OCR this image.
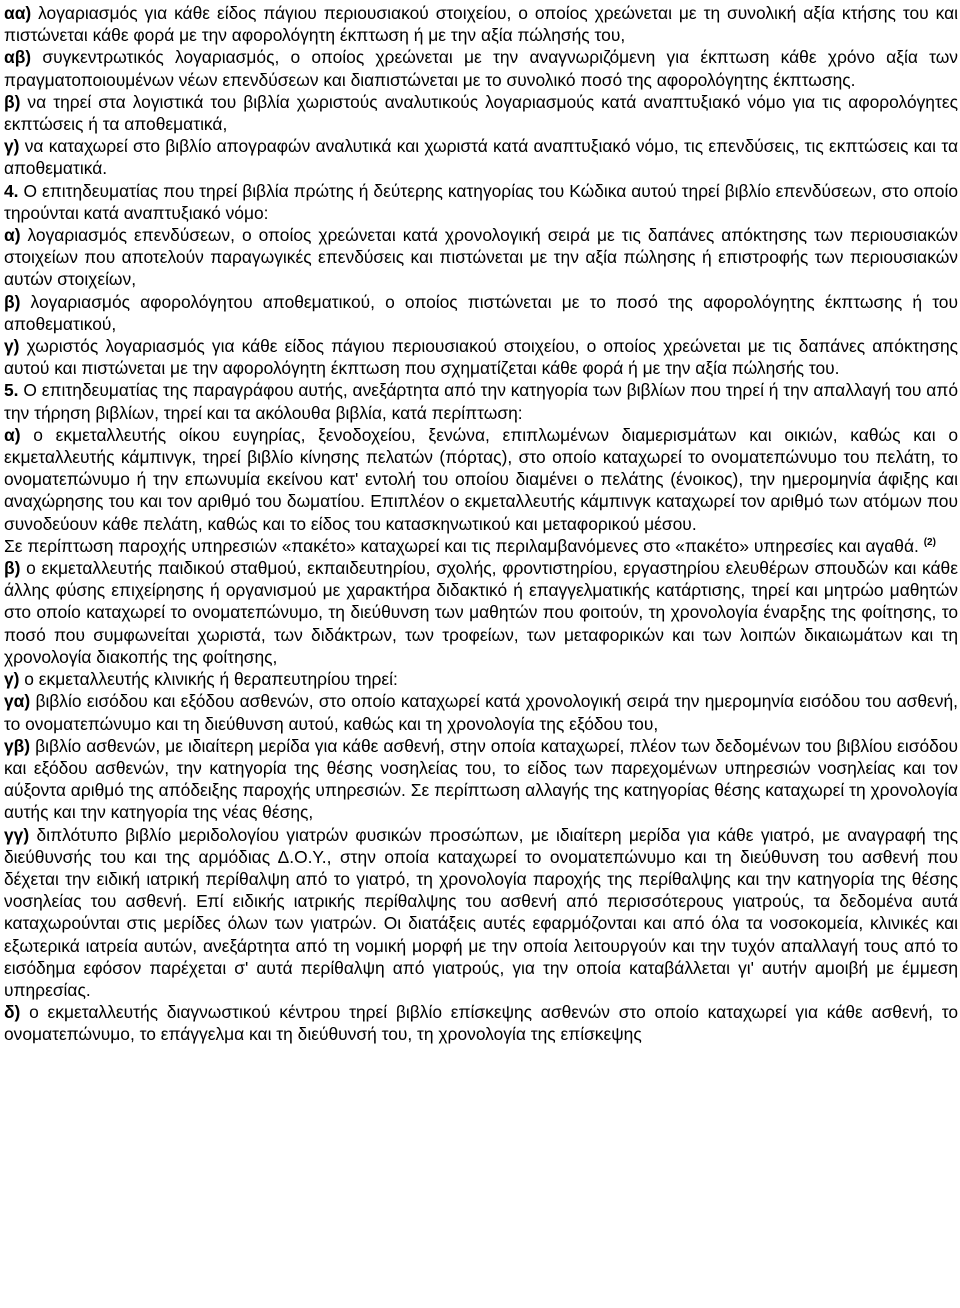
αα) λογαριασμός για κάθε είδος πάγιου περιουσιακού στοιχείου, ο οποίος χρεώνεται με τη συνολική αξία κτήσης του και πιστώνεται κάθε φορά με την αφορολόγητη έκπτωση ή με την αξία πώλησής του,

αβ) συγκεντρωτικός λογαριασμός, ο οποίος χρεώνεται με την αναγνωριζόμενη για έκπτωση κάθε χρόνο αξία των πραγματοποιουμένων νέων επενδύσεων και διαπιστώνεται με το συνολικό ποσό της αφορολόγητης έκπτωσης.

β) να τηρεί στα λογιστικά του βιβλία χωριστούς αναλυτικούς λογαριασμούς κατά αναπτυξιακό νόμο για τις αφορολόγητες εκπτώσεις ή τα αποθεματικά,

γ) να καταχωρεί στο βιβλίο απογραφών αναλυτικά και χωριστά κατά αναπτυξιακό νόμο, τις επενδύσεις, τις εκπτώσεις και τα αποθεματικά.

4. Ο επιτηδευματίας που τηρεί βιβλία πρώτης ή δεύτερης κατηγορίας του Κώδικα αυτού τηρεί βιβλίο επενδύσεων, στο οποίο τηρούνται κατά αναπτυξιακό νόμο:

α) λογαριασμός επενδύσεων, ο οποίος χρεώνεται κατά χρονολογική σειρά με τις δαπάνες απόκτησης των περιουσιακών στοιχείων που αποτελούν παραγωγικές επενδύσεις και πιστώνεται με την αξία πώλησης ή επιστροφής των περιουσιακών αυτών στοιχείων,

β) λογαριασμός αφορολόγητου αποθεματικού, ο οποίος πιστώνεται με το ποσό της αφορολόγητης έκπτωσης ή του αποθεματικού,

γ) χωριστός λογαριασμός για κάθε είδος πάγιου περιουσιακού στοιχείου, ο οποίος χρεώνεται με τις δαπάνες απόκτησης αυτού και πιστώνεται με την αφορολόγητη έκπτωση που σχηματίζεται κάθε φορά ή με την αξία πώλησής του.

5. Ο επιτηδευματίας της παραγράφου αυτής, ανεξάρτητα από την κατηγορία των βιβλίων που τηρεί ή την απαλλαγή του από την τήρηση βιβλίων, τηρεί και τα ακόλουθα βιβλία, κατά περίπτωση:

α) ο εκμεταλλευτής οίκου ευγηρίας, ξενοδοχείου, ξενώνα, επιπλωμένων διαμερισμάτων και οικιών, καθώς και ο εκμεταλλευτής κάμπινγκ, τηρεί βιβλίο κίνησης πελατών (πόρτας), στο οποίο καταχωρεί το ονοματεπώνυμο του πελάτη, το ονοματεπώνυμο ή την επωνυμία εκείνου κατ' εντολή του οποίου διαμένει ο πελάτης (ένοικος), την ημερομηνία άφιξης και αναχώρησης του και τον αριθμό του δωματίου. Επιπλέον ο εκμεταλλευτής κάμπινγκ καταχωρεί τον αριθμό των ατόμων που συνοδεύουν κάθε πελάτη, καθώς και το είδος του κατασκηνωτικού και μεταφορικού μέσου.

Σε περίπτωση παροχής υπηρεσιών «πακέτο» καταχωρεί και τις περιλαμβανόμενες στο «πακέτο» υπηρεσίες και αγαθά. $^{(2)}$

β) ο εκμεταλλευτής παιδικού σταθμού, εκπαιδευτηρίου, σχολής, φροντιστηρίου, εργαστηρίου ελευθέρων σπουδών και κάθε άλλης φύσης επιχείρησης ή οργανισμού με χαρακτήρα διδακτικό ή επαγγελματικής κατάρτισης, τηρεί και μητρώο μαθητών στο οποίο καταχωρεί το ονοματεπώνυμο, τη διεύθυνση των μαθητών που φοιτούν, τη χρονολογία έναρξης της φοίτησης, το ποσό που συμφωνείται χωριστά, των διδάκτρων, των τροφείων, των μεταφορικών και των λοιπών δικαιωμάτων και τη χρονολογία διακοπής της φοίτησης,

γ) ο εκμεταλλευτής κλινικής ή θεραπευτηρίου τηρεί:

γα) βιβλίο εισόδου και εξόδου ασθενών, στο οποίο καταχωρεί κατά χρονολογική σειρά την ημερομηνία εισόδου του ασθενή, το ονοματεπώνυμο και τη διεύθυνση αυτού, καθώς και τη χρονολογία της εξόδου του,

γβ) βιβλίο ασθενών, με ιδιαίτερη μερίδα για κάθε ασθενή, στην οποία καταχωρεί, πλέον των δεδομένων του βιβλίου εισόδου και εξόδου ασθενών, την κατηγορία της θέσης νοσηλείας του, το είδος των παρεχομένων υπηρεσιών νοσηλείας και τον αύξοντα αριθμό της απόδειξης παροχής υπηρεσιών. Σε περίπτωση αλλαγής της κατηγορίας θέσης καταχωρεί τη χρονολογία αυτής και την κατηγορία της νέας θέσης,

γγ) διπλότυπο βιβλίο μεριδολογίου γιατρών φυσικών προσώπων, με ιδιαίτερη μερίδα για κάθε γιατρό, με αναγραφή της διεύθυνσής του και της αρμόδιας Δ.Ο.Υ., στην οποία καταχωρεί το ονοματεπώνυμο και τη διεύθυνση του ασθενή που δέχεται την ειδική ιατρική περίθαλψη από το γιατρό, τη χρονολογία παροχής της περίθαλψης και την κατηγορία της θέσης νοσηλείας του ασθενή. Επί ειδικής ιατρικής περίθαλψης του ασθενή από περισσότερους γιατρούς, τα δεδομένα αυτά καταχωρούνται στις μερίδες όλων των γιατρών. Οι διατάξεις αυτές εφαρμόζονται και από όλα τα νοσοκομεία, κλινικές και εξωτερικά ιατρεία αυτών, ανεξάρτητα από τη νομική μορφή με την οποία λειτουργούν και την τυχόν απαλλαγή τους από το εισόδημα εφόσον παρέχεται σ' αυτά περίθαλψη από γιατρούς, για την οποία καταβάλλεται γι' αυτήν αμοιβή με έμμεση υπηρεσίας.

δ) ο εκμεταλλευτής διαγνωστικού κέντρου τηρεί βιβλίο επίσκεψης ασθενών στο οποίο καταχωρεί για κάθε ασθενή, το ονοματεπώνυμο, το επάγγελμα και τη διεύθυνσή του, τη χρονολογία της επίσκεψης
